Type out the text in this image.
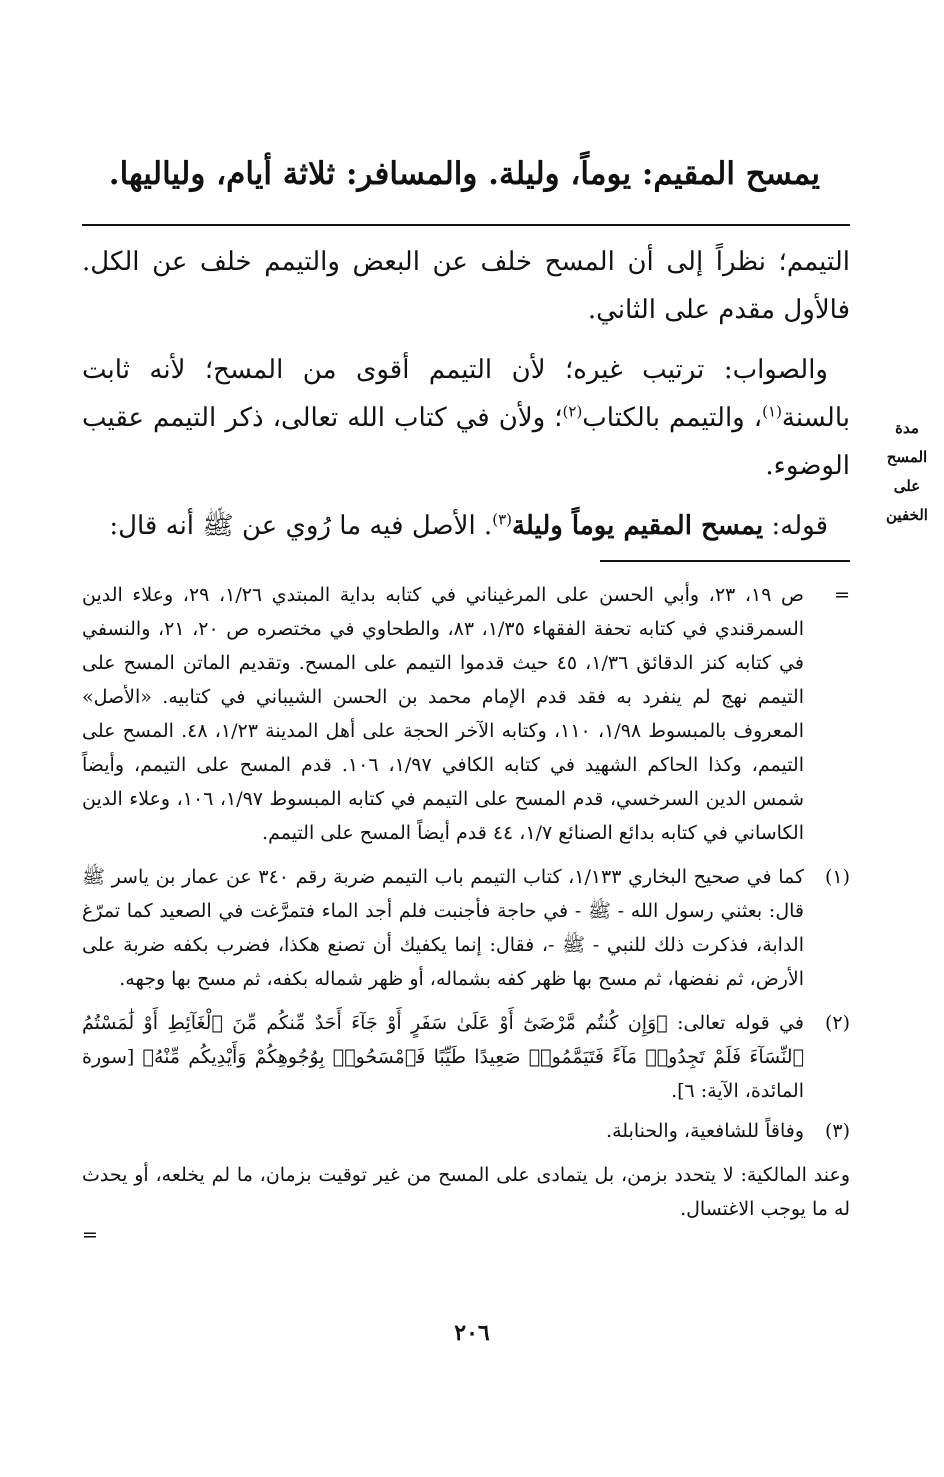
يمسح المقيم: يوماً، وليلة. والمسافر: ثلاثة أيام، ولياليها.

التيمم؛ نظراً إلى أن المسح خلف عن البعض والتيمم خلف عن الكل. فالأول مقدم على الثاني.

والصواب: ترتيب غيره؛ لأن التيمم أقوى من المسح؛ لأنه ثابت بالسنة$^{(١)}$، والتيمم بالكتاب$^{(٢)}$؛ ولأن في كتاب الله تعالى، ذكر التيمم عقيب الوضوء.

قوله: يمسح المقيم يوماً وليلة$^{(٣)}$. الأصل فيه ما رُوي عن ﷺ أنه قال:

مدة
المسح
على
الخفين

=
ص ١٩، ٢٣، وأبي الحسن على المرغيناني في كتابه بداية المبتدي ١/٢٦، ٢٩، وعلاء الدين السمرقندي في كتابه تحفة الفقهاء ١/٣٥، ٨٣، والطحاوي في مختصره ص ٢٠، ٢١، والنسفي في كتابه كنز الدقائق ١/٣٦، ٤٥ حيث قدموا التيمم على المسح. وتقديم الماتن المسح على التيمم نهج لم ينفرد به فقد قدم الإمام محمد بن الحسن الشيباني في كتابيه. «الأصل» المعروف بالمبسوط ١/٩٨، ١١٠، وكتابه الآخر الحجة على أهل المدينة ١/٢٣، ٤٨. المسح على التيمم، وكذا الحاكم الشهيد في كتابه الكافي ١/٩٧، ١٠٦. قدم المسح على التيمم، وأيضاً شمس الدين السرخسي، قدم المسح على التيمم في كتابه المبسوط ١/٩٧، ١٠٦، وعلاء الدين الكاساني في كتابه بدائع الصنائع ١/٧، ٤٤ قدم أيضاً المسح على التيمم.

(١)
كما في صحيح البخاري ١/١٣٣، كتاب التيمم باب التيمم ضربة رقم ٣٤٠ عن عمار بن ياسر ﷺ قال: بعثني رسول الله - ﷺ - في حاجة فأجنبت فلم أجد الماء فتمرَّغت في الصعيد كما تمرّغ الدابة، فذكرت ذلك للنبي - ﷺ -، فقال: إنما يكفيك أن تصنع هكذا، فضرب بكفه ضربة على الأرض، ثم نفضها، ثم مسح بها ظهر كفه بشماله، أو ظهر شماله بكفه، ثم مسح بها وجهه.

(٢)
في قوله تعالى: ﴿وَإِن كُنتُم مَّرْضَىٰٓ أَوْ عَلَىٰ سَفَرٍ أَوْ جَآءَ أَحَدٌ مِّنكُم مِّنَ ٱلْغَآئِطِ أَوْ لَٰمَسْتُمُ ٱلنِّسَآءَ فَلَمْ تَجِدُوا۟ مَآءً فَتَيَمَّمُوا۟ صَعِيدًا طَيِّبًا فَٱمْسَحُوا۟ بِوُجُوهِكُمْ وَأَيْدِيكُم مِّنْهُ﴾ [سورة المائدة، الآية: ٦].

(٣)
وفاقاً للشافعية، والحنابلة.

وعند المالكية: لا يتحدد بزمن، بل يتمادى على المسح من غير توقيت بزمان، ما لم يخلعه، أو يحدث له ما يوجب الاغتسال.
=

٢٠٦
